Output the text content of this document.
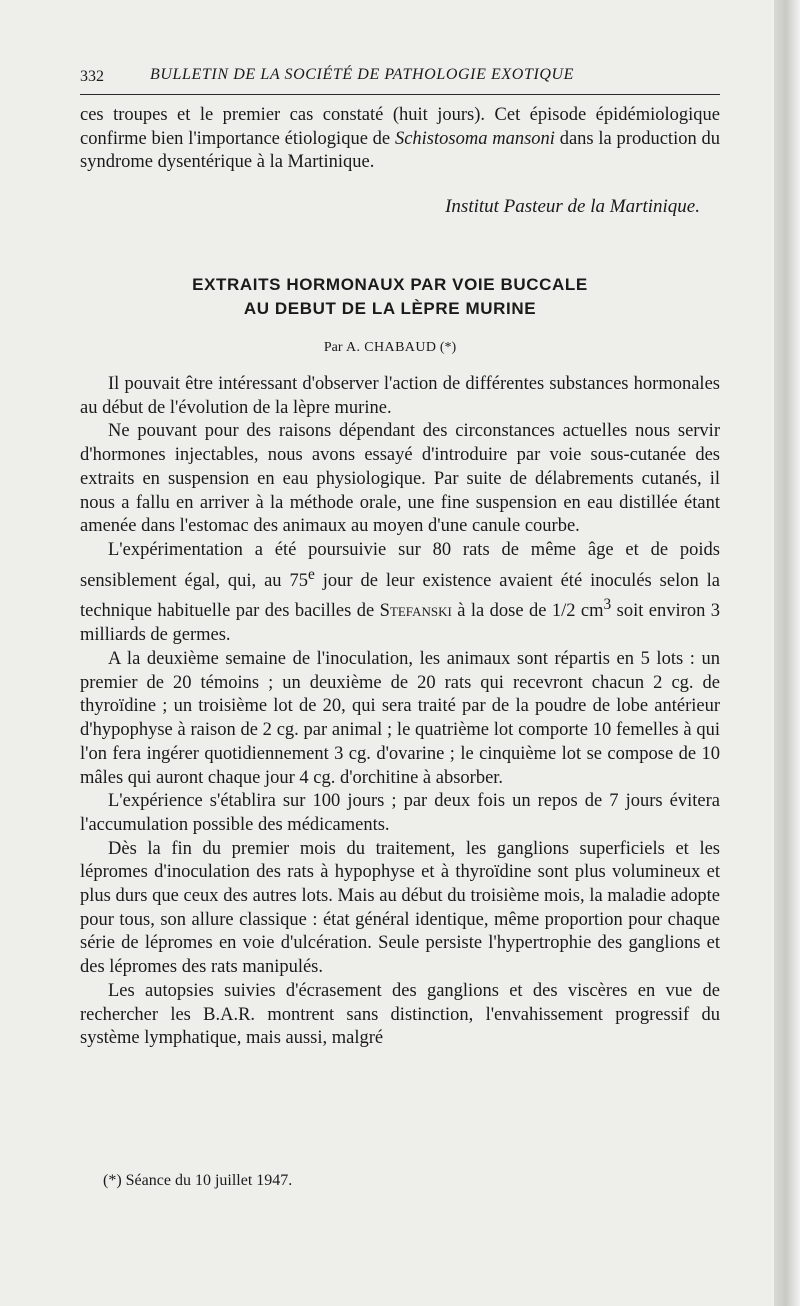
332	BULLETIN DE LA SOCIÉTÉ DE PATHOLOGIE EXOTIQUE

ces troupes et le premier cas constaté (huit jours). Cet épisode épidémiologique confirme bien l'importance étiologique de Schistosoma mansoni dans la production du syndrome dysentérique à la Martinique.

Institut Pasteur de la Martinique.
EXTRAITS HORMONAUX PAR VOIE BUCCALE
AU DEBUT DE LA LÈPRE MURINE
Par A. CHABAUD (*)

Il pouvait être intéressant d'observer l'action de différentes substances hormonales au début de l'évolution de la lèpre murine.

Ne pouvant pour des raisons dépendant des circonstances actuelles nous servir d'hormones injectables, nous avons essayé d'introduire par voie sous-cutanée des extraits en suspension en eau physiologique. Par suite de délabrements cutanés, il nous a fallu en arriver à la méthode orale, une fine suspension en eau distillée étant amenée dans l'estomac des animaux au moyen d'une canule courbe.

L'expérimentation a été poursuivie sur 80 rats de même âge et de poids sensiblement égal, qui, au 75e jour de leur existence avaient été inoculés selon la technique habituelle par des bacilles de Stefanski à la dose de 1/2 $cm^3$ soit environ 3 milliards de germes.

A la deuxième semaine de l'inoculation, les animaux sont répartis en 5 lots : un premier de 20 témoins ; un deuxième de 20 rats qui recevront chacun 2 cg. de thyroïdine ; un troisième lot de 20, qui sera traité par de la poudre de lobe antérieur d'hypophyse à raison de 2 cg. par animal ; le quatrième lot comporte 10 femelles à qui l'on fera ingérer quotidiennement 3 cg. d'ovarine ; le cinquième lot se compose de 10 mâles qui auront chaque jour 4 cg. d'orchitine à absorber.

L'expérience s'établira sur 100 jours ; par deux fois un repos de 7 jours évitera l'accumulation possible des médicaments.

Dès la fin du premier mois du traitement, les ganglions superficiels et les lépromes d'inoculation des rats à hypophyse et à thyroïdine sont plus volumineux et plus durs que ceux des autres lots. Mais au début du troisième mois, la maladie adopte pour tous, son allure classique : état général identique, même proportion pour chaque série de lépromes en voie d'ulcération. Seule persiste l'hypertrophie des ganglions et des lépromes des rats manipulés.

Les autopsies suivies d'écrasement des ganglions et des viscères en vue de rechercher les B.A.R. montrent sans distinction, l'envahissement progressif du système lymphatique, mais aussi, malgré

(*) Séance du 10 juillet 1947.
